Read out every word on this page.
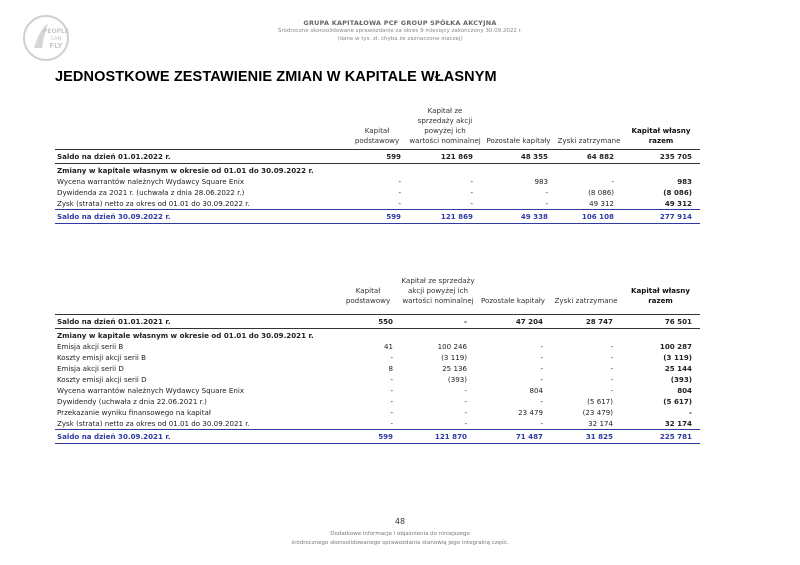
PEOPLE
CAN
FLY
GRUPA KAPITAŁOWA PCF GROUP SPÓŁKA AKCYJNA
Śródroczne skonsolidowane sprawozdanie za okres 9 miesięcy zakończony 30.09.2022 r.
(dane w tys. zł, chyba że zaznaczone inaczej)
JEDNOSTKOWE ZESTAWIENIE ZMIAN W KAPITALE WŁASNYM
	Kapitał podstawowy	Kapitał ze sprzedaży akcji powyżej ich wartości nominalnej	Pozostałe kapitały	Zyski zatrzymane	Kapitał własny razem
Saldo na dzień 01.01.2022 r.	599	121 869	48 355	64 882	235 705
Zmiany w kapitale własnym w okresie od 01.01 do 30.09.2022 r.					
Wycena warrantów należnych Wydawcy Square Enix	-	-	983	-	983
Dywidenda za 2021 r. (uchwała z dnia 28.06.2022 r.)	-	-	-	(8 086)	(8 086)
Zysk (strata) netto za okres od 01.01 do 30.09.2022 r.	-	-	-	49 312	49 312
Saldo na dzień 30.09.2022 r.	599	121 869	49 338	106 108	277 914
	Kapitał podstawowy	Kapitał ze sprzedaży akcji powyżej ich wartości nominalnej	Pozostałe kapitały	Zyski zatrzymane	Kapitał własny razem

Saldo na dzień 01.01.2021 r.	550	-	47 204	28 747	76 501
Zmiany w kapitale własnym w okresie od 01.01 do 30.09.2021 r.					
Emisja akcji serii B	41	100 246	-	-	100 287
Koszty emisji akcji serii B	-	(3 119)	-	-	(3 119)
Emisja akcji serii D	8	25 136	-	-	25 144
Koszty emisji akcji serii D	-	(393)	-	-	(393)
Wycena warrantów należnych Wydawcy Square Enix	-	-	804	-	804
Dywidendy (uchwała z dnia 22.06.2021 r.)	-	-	-	(5 617)	(5 617)
Przekazanie wyniku finansowego na kapitał	-	-	23 479	(23 479)	-
Zysk (strata) netto za okres od 01.01 do 30.09.2021 r.	-	-	-	32 174	32 174
Saldo na dzień 30.09.2021 r.	599	121 870	71 487	31 825	225 781
48
Dodatkowe informacje i objaśnienia do niniejszego
śródrocznego skonsolidowanego sprawozdania stanowią jego integralną część.
